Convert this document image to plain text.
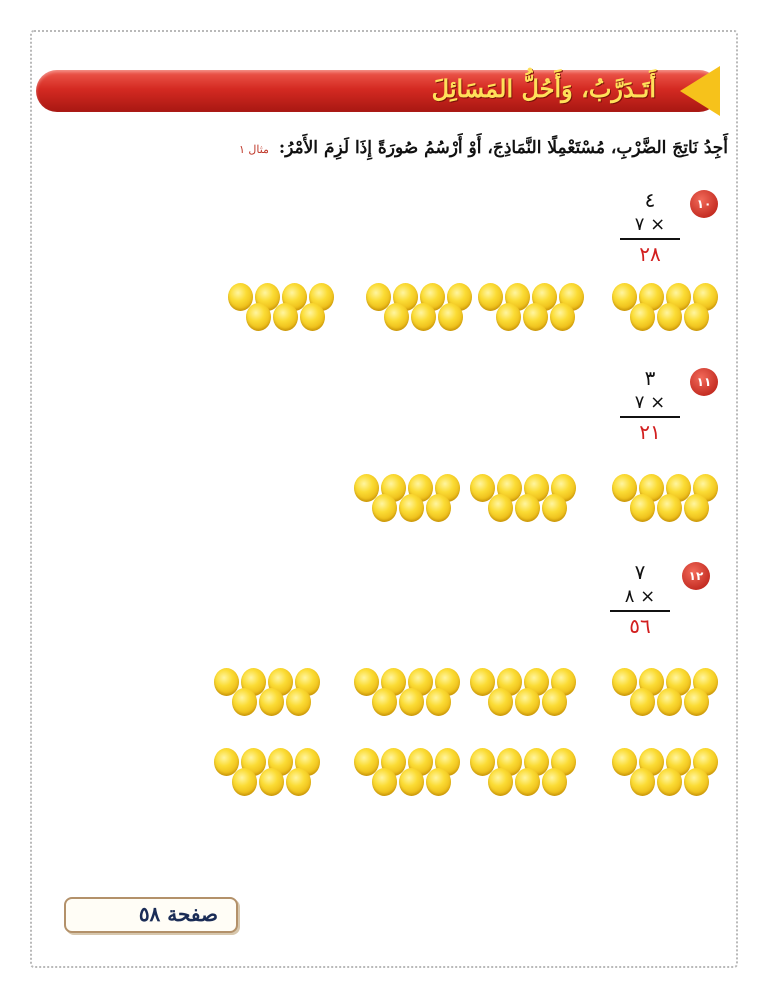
أَتَـدَرَّبُ، وَأَحُلُّ المَسَائِلَ
أَجِدُ نَاتِجَ الضَّرْبِ، مُسْتَعْمِلًا النَّمَاذِجَ، أَوْ أَرْسُمُ صُورَةً إِذَا لَزِمَ الأَمْرُ: مثال ١
١٠
٤
٧ ×
٢٨
١١
٣
٧ ×
٢١
١٢
٧
٨ ×
٥٦
صفحة ٥٨
